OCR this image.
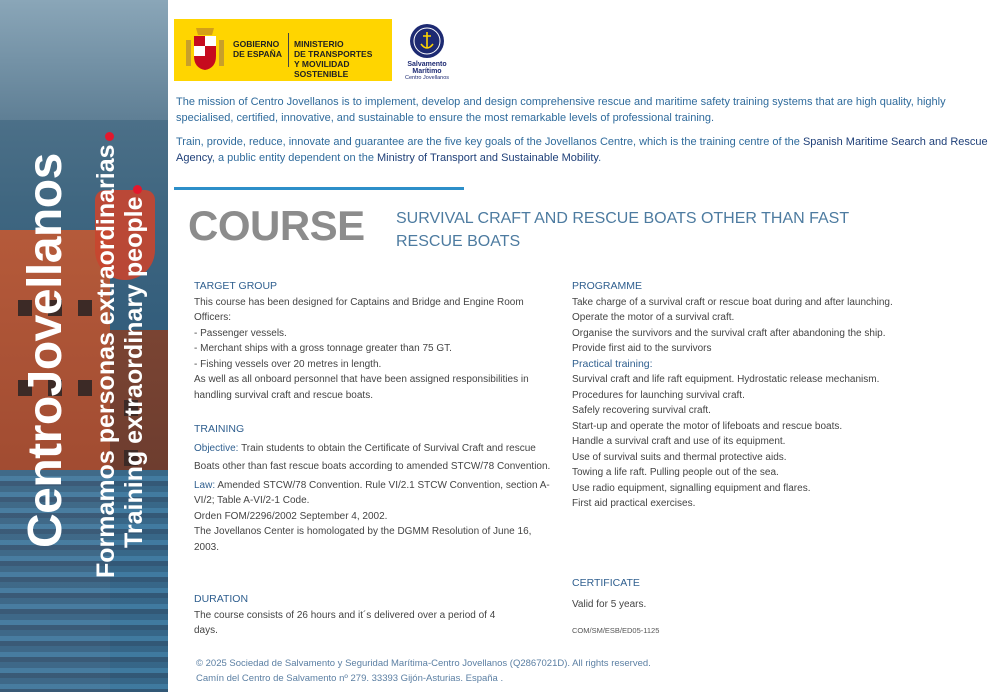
CentroJovellanos Formamos personas extraordinarias Training extraordinary people
GOBIERNO
DE ESPAÑA
MINISTERIO
DE TRANSPORTES
Y MOVILIDAD SOSTENIBLE
Salvamento Marítimo
Centro Jovellanos

The mission of Centro Jovellanos is to implement, develop and design comprehensive rescue and maritime safety training systems that are high quality, highly specialised, certified, innovative, and sustainable to ensure the most remarkable levels of professional training.

Train, provide, reduce, innovate and guarantee are the five key goals of the Jovellanos Centre, which is the training centre of the Spanish Maritime Search and Rescue Agency, a public entity dependent on the Ministry of Transport and Sustainable Mobility.

COURSE SURVIVAL CRAFT AND RESCUE BOATS OTHER THAN FAST RESCUE BOATS

TARGET GROUP

This course has been designed for Captains and Bridge and Engine Room Officers:

- Passenger vessels.

- Merchant ships with a gross tonnage greater than 75 GT.

- Fishing vessels over 20 metres in length.

As well as all onboard personnel that have been assigned responsibilities in handling survival craft and rescue boats.

TRAINING

Objective: Train students to obtain the Certificate of Survival Craft and rescue Boats other than fast rescue boats according to amended STCW/78 Convention.

Law: Amended STCW/78 Convention. Rule VI/2.1 STCW Convention, section A-VI/2; Table A-VI/2-1 Code.

Orden FOM/2296/2002 September 4, 2002.

The Jovellanos Center is homologated by the DGMM Resolution of June 16, 2003.

DURATION

The course consists of 26 hours and it´s delivered over a period of 4 days.

PROGRAMME

Take charge of a survival craft or rescue boat during and after launching.

Operate the motor of a survival craft.

Organise the survivors and the survival craft after abandoning the ship.

Provide first aid to the survivors

Practical training:

Survival craft and life raft equipment. Hydrostatic release mechanism.

Procedures for launching survival craft.

Safely recovering survival craft.

Start-up and operate the motor of lifeboats and rescue boats.

Handle a survival craft and use of its equipment.

Use of survival suits and thermal protective aids.

Towing a life raft. Pulling people out of the sea.

Use radio equipment, signalling equipment and flares.

First aid practical exercises.

CERTIFICATE

Valid for 5 years.

COM/SM/ESB/ED05-1125

© 2025 Sociedad de Salvamento y Seguridad Marítima-Centro Jovellanos (Q2867021D). All rights reserved.
Camín del Centro de Salvamento nº 279. 33393 Gijón-Asturias. España .
